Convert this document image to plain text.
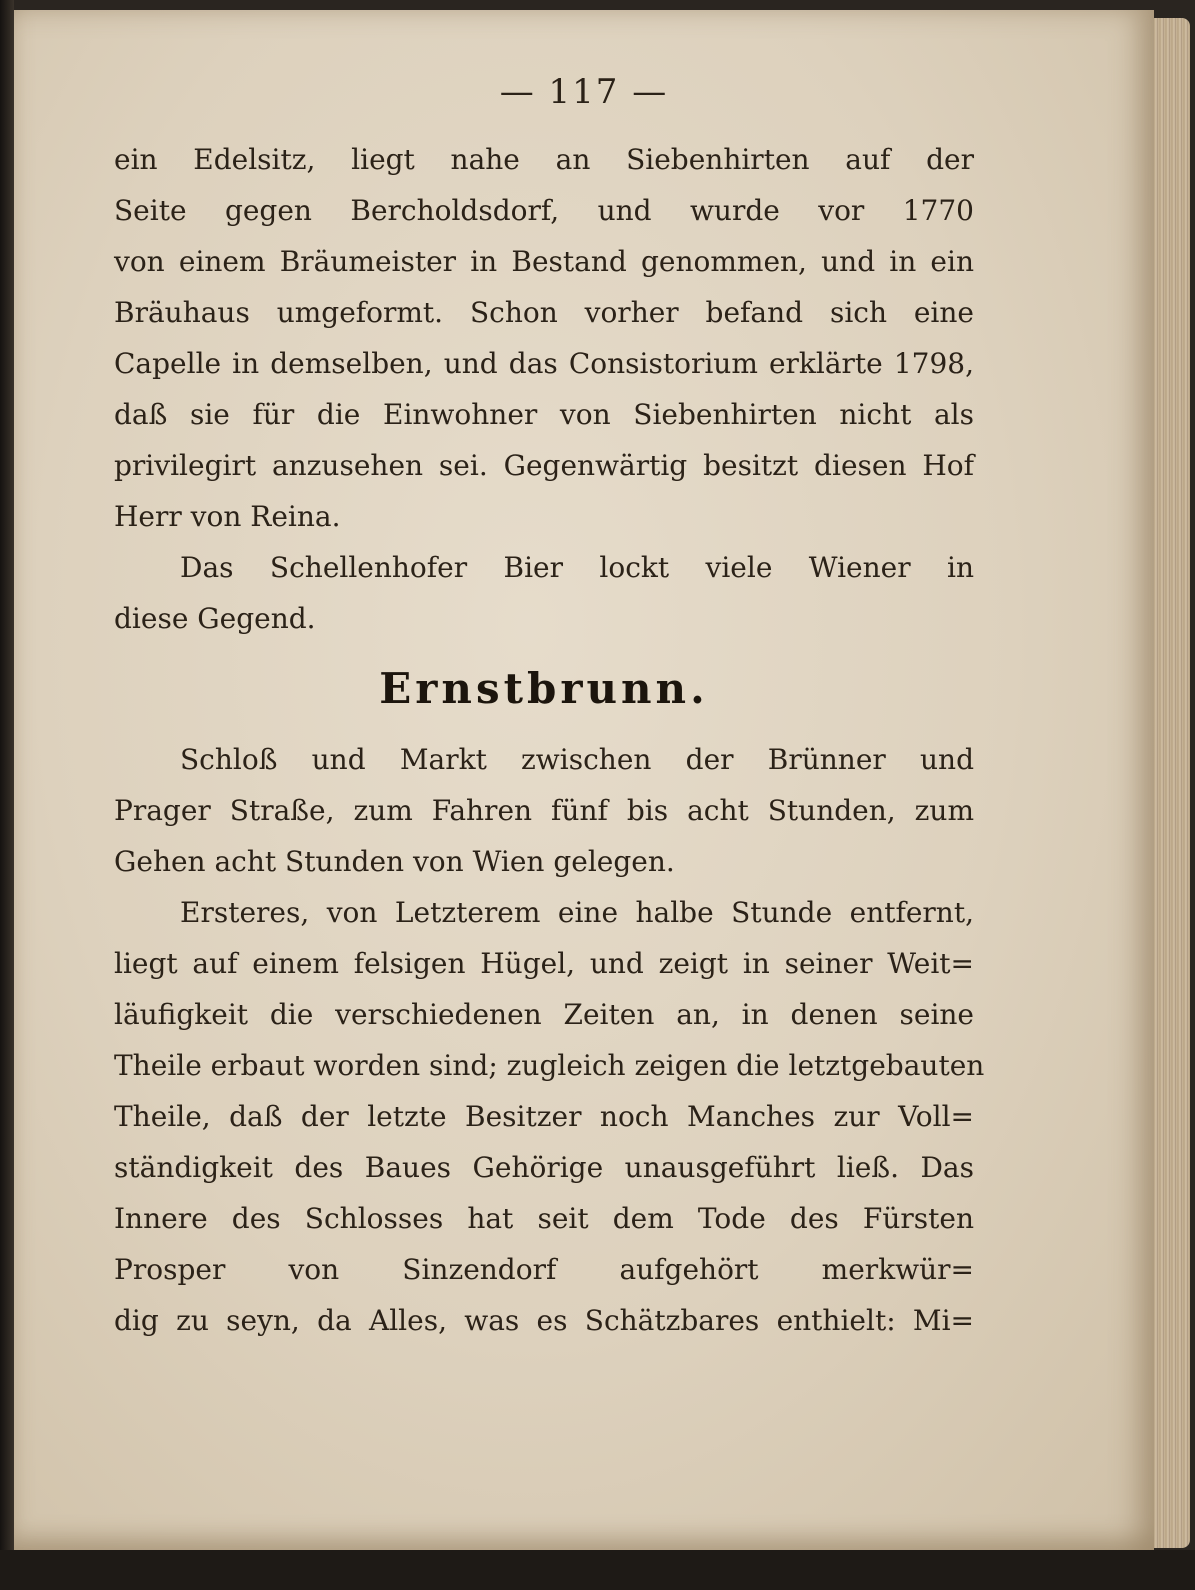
— 117 —
ein Edelsitz, liegt nahe an Siebenhirten auf der
Seite gegen Bercholdsdorf, und wurde vor 1770
von einem Bräumeister in Bestand genommen, und in ein
Bräuhaus umgeformt. Schon vorher befand sich eine
Capelle in demselben, und das Consistorium erklärte 1798,
daß sie für die Einwohner von Siebenhirten nicht als
privilegirt anzusehen sei. Gegenwärtig besitzt diesen Hof
Herr von Reina.
Das Schellenhofer Bier lockt viele Wiener in
diese Gegend.
Ernstbrunn.
Schloß und Markt zwischen der Brünner und
Prager Straße, zum Fahren fünf bis acht Stunden, zum
Gehen acht Stunden von Wien gelegen.
Ersteres, von Letzterem eine halbe Stunde entfernt,
liegt auf einem felsigen Hügel, und zeigt in seiner Weit=
läufigkeit die verschiedenen Zeiten an, in denen seine
Theile erbaut worden sind; zugleich zeigen die letztgebauten
Theile, daß der letzte Besitzer noch Manches zur Voll=
ständigkeit des Baues Gehörige unausgeführt ließ. Das
Innere des Schlosses hat seit dem Tode des Fürsten
Prosper von Sinzendorf aufgehört merkwür=
dig zu seyn, da Alles, was es Schätzbares enthielt: Mi=
